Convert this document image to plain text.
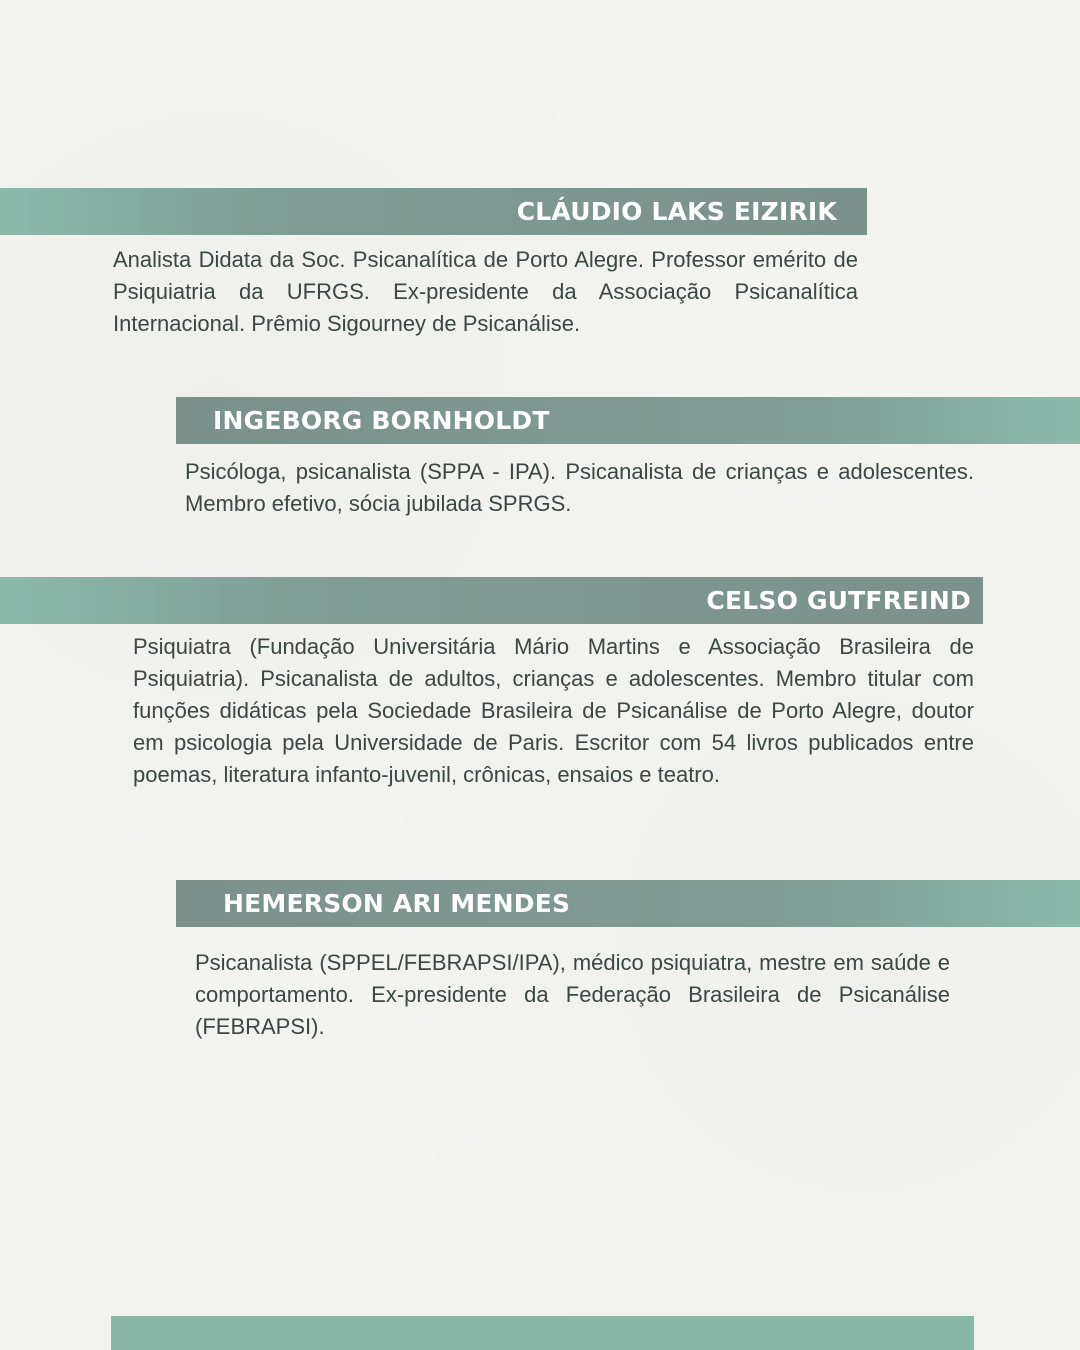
CLÁUDIO LAKS EIZIRIK

Analista Didata da Soc. Psicanalítica de Porto Alegre. Professor emérito de Psiquiatria da UFRGS. Ex-presidente da Associação Psicanalítica Internacional. Prêmio Sigourney de Psicanálise.

INGEBORG BORNHOLDT

Psicóloga, psicanalista (SPPA - IPA). Psicanalista de crianças e adolescentes. Membro efetivo, sócia jubilada SPRGS.

CELSO GUTFREIND

Psiquiatra (Fundação Universitária Mário Martins e Associação Brasileira de Psiquiatria). Psicanalista de adultos, crianças e adolescentes. Membro titular com funções didáticas pela Sociedade Brasileira de Psicanálise de Porto Alegre, doutor em psicologia pela Universidade de Paris. Escritor com 54 livros publicados entre poemas, literatura infanto-juvenil, crônicas, ensaios e teatro.

HEMERSON ARI MENDES

Psicanalista (SPPEL/FEBRAPSI/IPA), médico psiquiatra, mestre em saúde e comportamento. Ex-presidente da Federação Brasileira de Psicanálise (FEBRAPSI).
